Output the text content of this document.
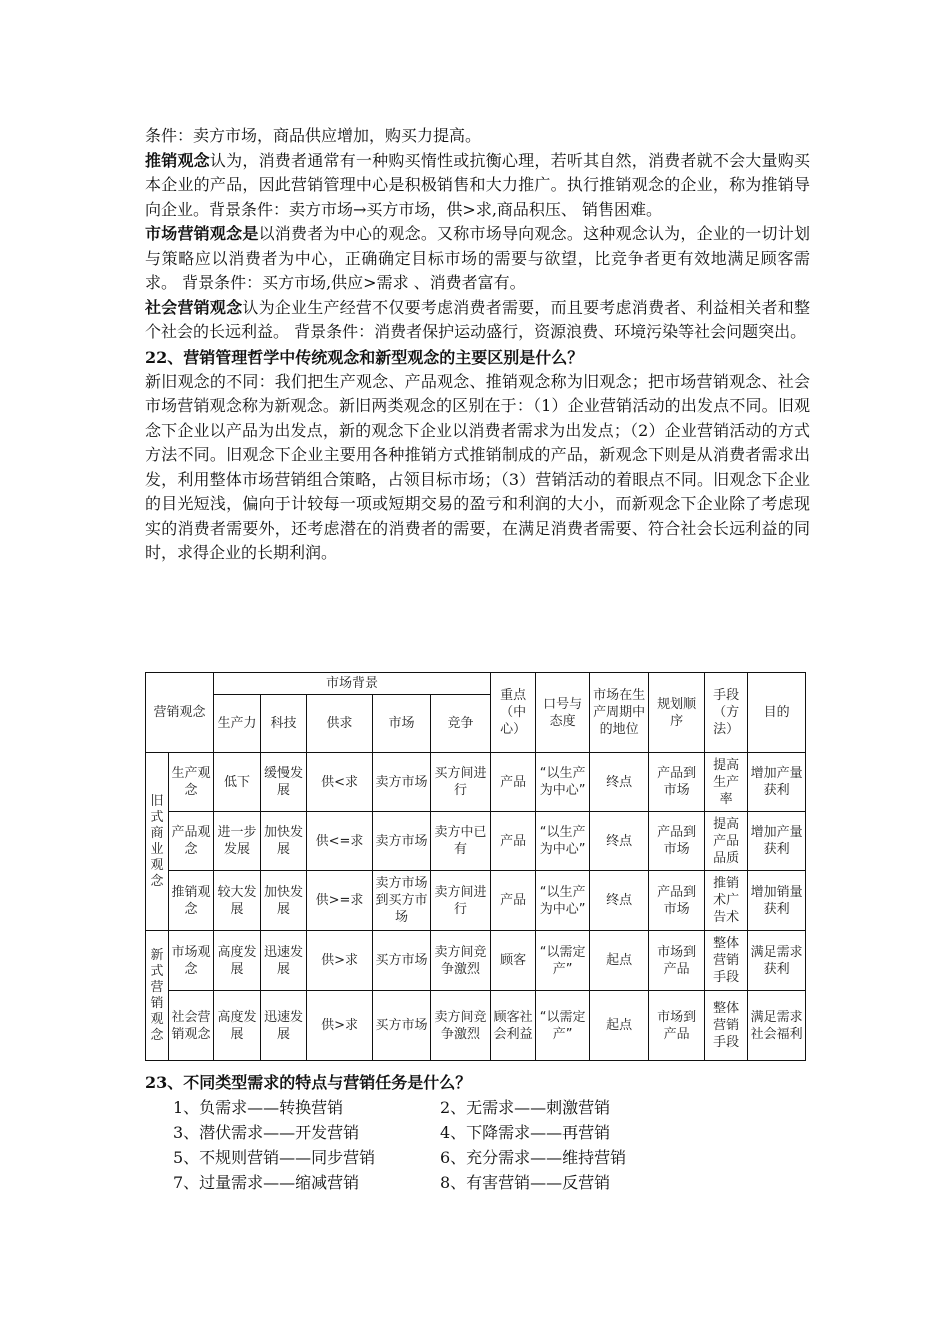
条件：卖方市场，商品供应增加，购买力提高。

推销观念认为，消费者通常有一种购买惰性或抗衡心理，若听其自然，消费者就不会大量购买本企业的产品，因此营销管理中心是积极销售和大力推广。执行推销观念的企业，称为推销导向企业。背景条件：卖方市场→买方市场，供>求,商品积压、 销售困难。

市场营销观念是以消费者为中心的观念。又称市场导向观念。这种观念认为，企业的一切计划与策略应以消费者为中心，正确确定目标市场的需要与欲望，比竞争者更有效地满足顾客需求。 背景条件：买方市场,供应>需求 、消费者富有。

社会营销观念认为企业生产经营不仅要考虑消费者需要，而且要考虑消费者、利益相关者和整个社会的长远利益。 背景条件：消费者保护运动盛行，资源浪费、环境污染等社会问题突出。

22、营销管理哲学中传统观念和新型观念的主要区别是什么？

新旧观念的不同：我们把生产观念、产品观念、推销观念称为旧观念；把市场营销观念、社会市场营销观念称为新观念。新旧两类观念的区别在于：（1）企业营销活动的出发点不同。旧观念下企业以产品为出发点，新的观念下企业以消费者需求为出发点；（2）企业营销活动的方式方法不同。旧观念下企业主要用各种推销方式推销制成的产品，新观念下则是从消费者需求出发，利用整体市场营销组合策略，占领目标市场；（3）营销活动的着眼点不同。旧观念下企业的目光短浅，偏向于计较每一项或短期交易的盈亏和利润的大小，而新观念下企业除了考虑现实的消费者需要外，还考虑潜在的消费者的需要，在满足消费者需要、符合社会长远利益的同时，求得企业的长期利润。

营销观念		市场背景					重点（中心）	口号与态度	市场在生产周期中的地位	规划顺序	手段（方法）	目的
		生产力	科技	供求	市场	竞争						
旧式商业观念	生产观念	低下	缓慢发展	供<求	卖方市场	买方间进行	产品	“以生产为中心”	终点	产品到市场	提高生产率	增加产量获利
	产品观念	进一步发展	加快发展	供<=求	卖方市场	卖方中已有	产品	“以生产为中心”	终点	产品到市场	提高产品品质	增加产量获利
	推销观念	较大发展	加快发展	供>=求	卖方市场到买方市场	卖方间进行	产品	“以生产为中心”	终点	产品到市场	推销术广告术	增加销量获利
新式营销观念	市场观念	高度发展	迅速发展	供>求	买方市场	卖方间竞争激烈	顾客	“以需定产”	起点	市场到产品	整体营销手段	满足需求获利
	社会营销观念	高度发展	迅速发展	供>求	买方市场	卖方间竞争激烈	顾客社会利益	“以需定产”	起点	市场到产品	整体营销手段	满足需求社会福利

23、不同类型需求的特点与营销任务是什么？

1、负需求——转换营销	2、无需求——刺激营销
3、潜伏需求——开发营销	4、下降需求——再营销
5、不规则营销——同步营销	6、充分需求——维持营销
7、过量需求——缩减营销	8、有害营销——反营销
